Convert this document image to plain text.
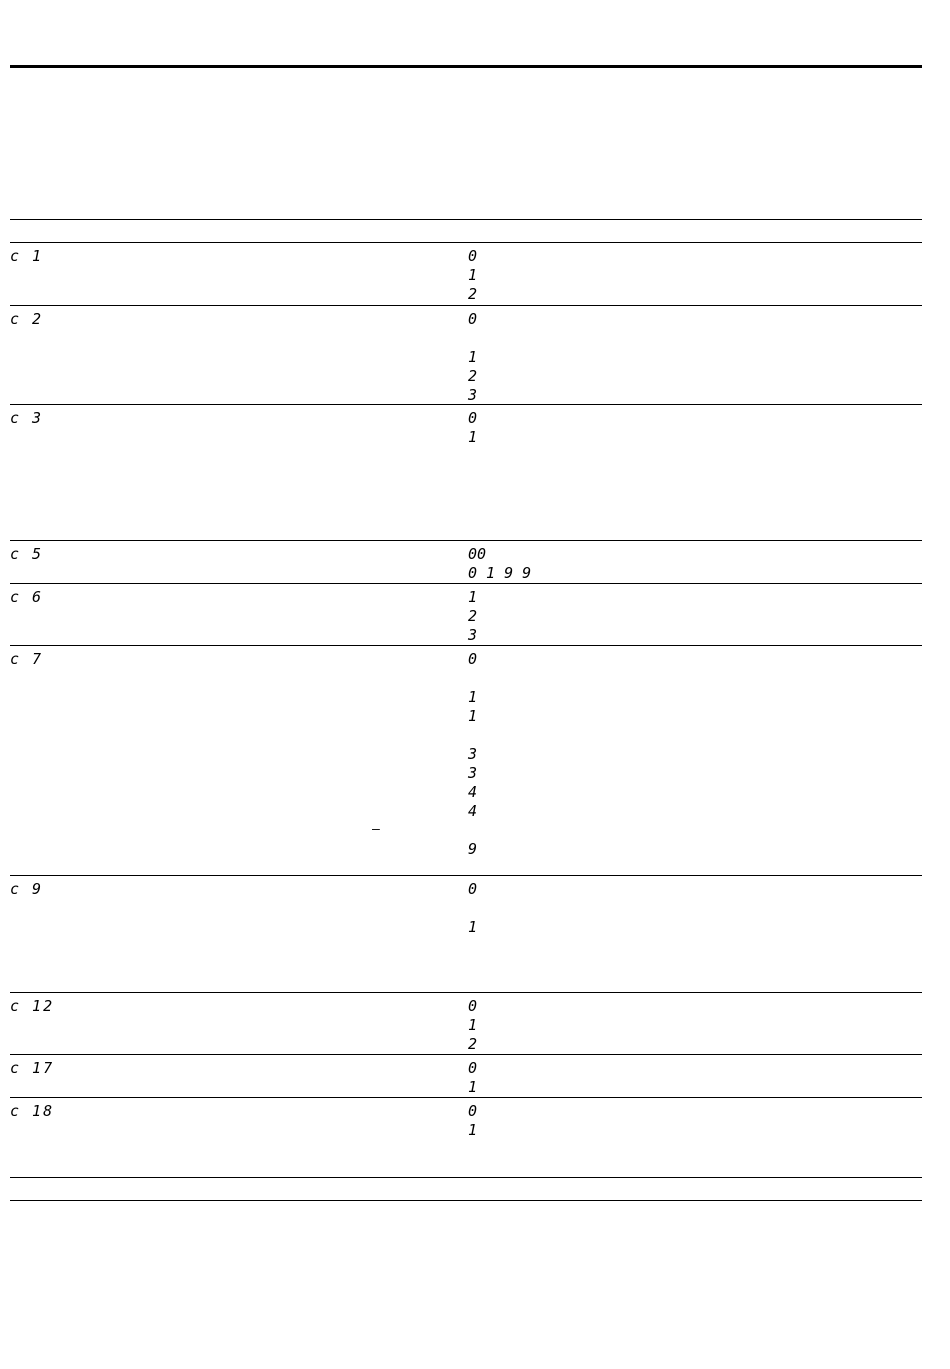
c 1	0
1
2
c 2	0
1
2
3
c 3	0
1
c 5	00
0 1 9 9
c 6	1
2
3
c 7	0
1
1
3
3
4
4
9
–
c 9	0
1
c 12	0
1
2
c 17	0
1
c 18	0
1
